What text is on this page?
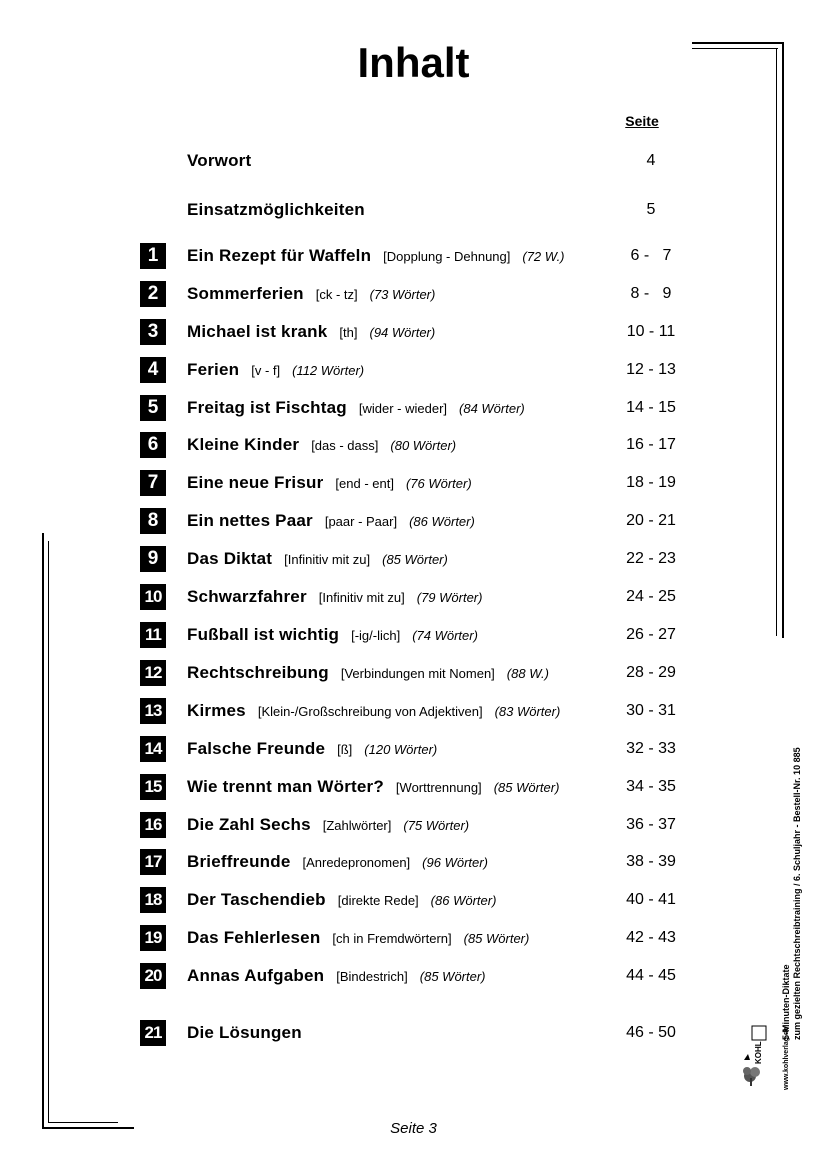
Inhalt
Seite
Vorwort	4
Einsatzmöglichkeiten	5
1	Ein Rezept für Waffeln [Dopplung - Dehnung] (72 W.)	6 -   7
2	Sommerferien [ck - tz] (73 Wörter)	8 -   9
3	Michael ist krank [th] (94 Wörter)	10 - 11
4	Ferien [v - f] (112 Wörter)	12 - 13
5	Freitag ist Fischtag [wider - wieder] (84 Wörter)	14 - 15
6	Kleine Kinder [das - dass] (80 Wörter)	16 - 17
7	Eine neue Frisur [end - ent] (76 Wörter)	18 - 19
8	Ein nettes Paar [paar - Paar] (86 Wörter)	20 - 21
9	Das Diktat [Infinitiv mit zu] (85 Wörter)	22 - 23
10 Schwarzfahrer [Infinitiv mit zu] (79 Wörter)	24 - 25
11 Fußball ist wichtig [-ig/-lich] (74 Wörter)	26 - 27
12 Rechtschreibung [Verbindungen mit Nomen] (88 W.)	28 - 29
13 Kirmes [Klein-/Großschreibung von Adjektiven] (83 Wörter)	30 - 31
14 Falsche Freunde [ß] (120 Wörter)	32 - 33
15 Wie trennt man Wörter? [Worttrennung] (85 Wörter)	34 - 35
16 Die Zahl Sechs [Zahlwörter] (75 Wörter)	36 - 37
17 Brieffreunde [Anredepronomen] (96 Wörter)	38 - 39
18 Der Taschendieb [direkte Rede] (86 Wörter)	40 - 41
19 Das Fehlerlesen [ch in Fremdwörtern] (85 Wörter)	42 - 43
20 Annas Aufgaben [Bindestrich] (85 Wörter)	44 - 45
21 Die Lösungen	46 - 50	5-Minuten-Diktate zum gezielten Rechtschreibtraining / 6. Schuljahr - Bestell-Nr. 10 885
www.kohlverlag.de
KOHL
Seite 3
